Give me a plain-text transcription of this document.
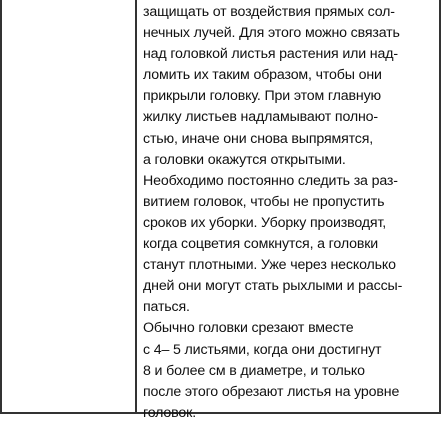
защищать от воздействия прямых сол-
нечных лучей. Для этого можно связать
над головкой листья растения или над-
ломить их таким образом, чтобы они
прикрыли головку. При этом главную
жилку листьев надламывают полно-
стью, иначе они снова выпрямятся,
а головки окажутся открытыми.
Необходимо постоянно следить за раз-
витием головок, чтобы не пропустить
сроков их уборки. Уборку производят,
когда соцветия сомкнутся, а головки
станут плотными. Уже через несколько
дней они могут стать рыхлыми и рассы-
паться.
Обычно головки срезают вместе
с 4– 5 листьями, когда они достигнут
8 и более см в диаметре, и только
после этого обрезают листья на уровне
головок.
